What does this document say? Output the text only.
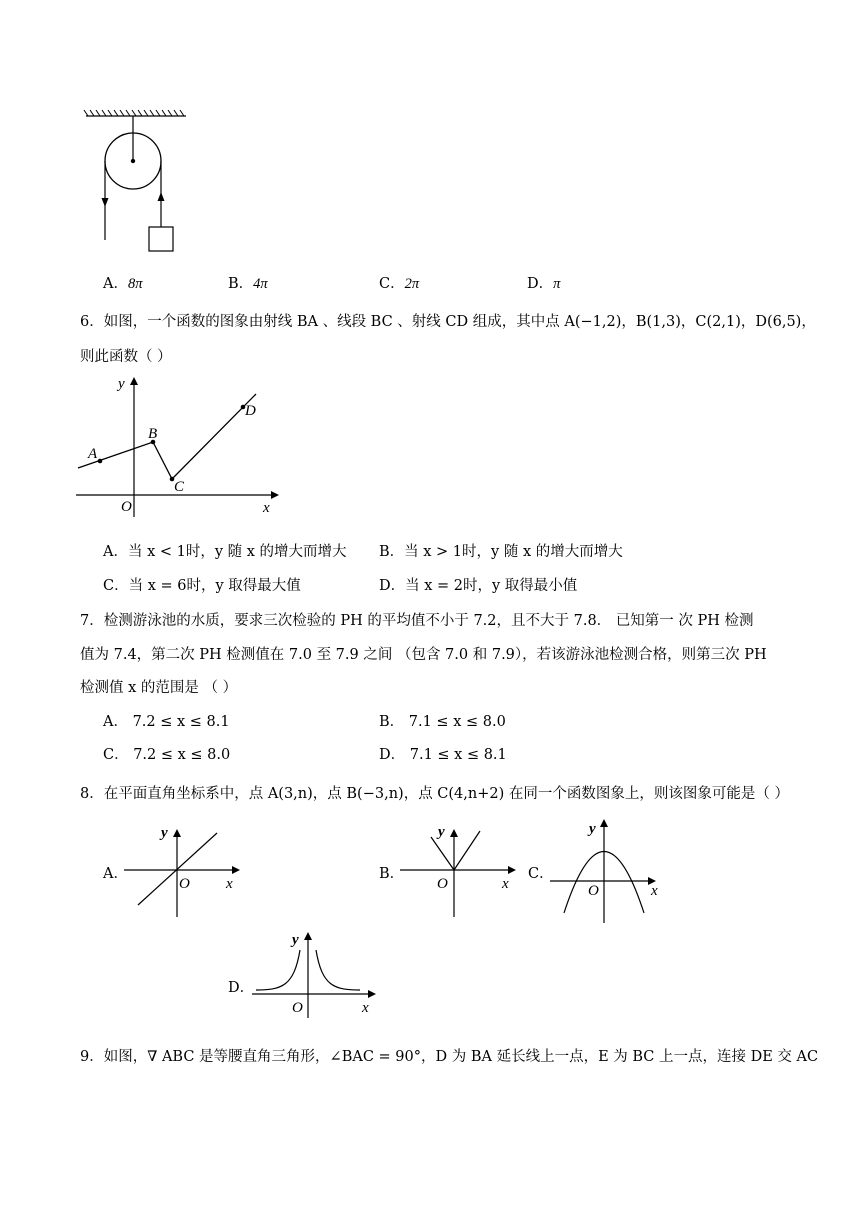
A．8π	B．4π	C．2π	D．π
6．如图，一个函数的图象由射线 BA 、线段 BC 、射线 CD 组成，其中点 A(−1,2)，B(1,3)，C(2,1)，D(6,5)，
则此函数（ ）
y
x
O
A
B
C
D
A．当 x < 1时，y 随 x 的增大而增大 B．当 x > 1时，y 随 x 的增大而增大
C．当 x = 6时，y 取得最大值	D．当 x = 2时，y 取得最小值
7．检测游泳池的水质，要求三次检验的 PH 的平均值不小于 7.2，且不大于 7.8． 已知第一 次 PH 检测
值为 7.4，第二次 PH 检测值在 7.0 至 7.9 之间 （包含 7.0 和 7.9），若该游泳池检测合格，则第三次 PH
检测值 x 的范围是 （ ）
A． 7.2 ≤ x ≤ 8.1	B． 7.1 ≤ x ≤ 8.0
C． 7.2 ≤ x ≤ 8.0	D． 7.1 ≤ x ≤ 8.1
8．在平面直角坐标系中，点 A(3,n)，点 B(−3,n)，点 C(4,n+2) 在同一个函数图象上，则该图象可能是（ ）
A．
y
x
O
B．
y
x
O
C．
y
x
O
D．
y
x
O
9．如图，∇ ABC 是等腰直角三角形，∠BAC = 90°，D 为 BA 延长线上一点，E 为 BC 上一点，连接 DE 交 AC
